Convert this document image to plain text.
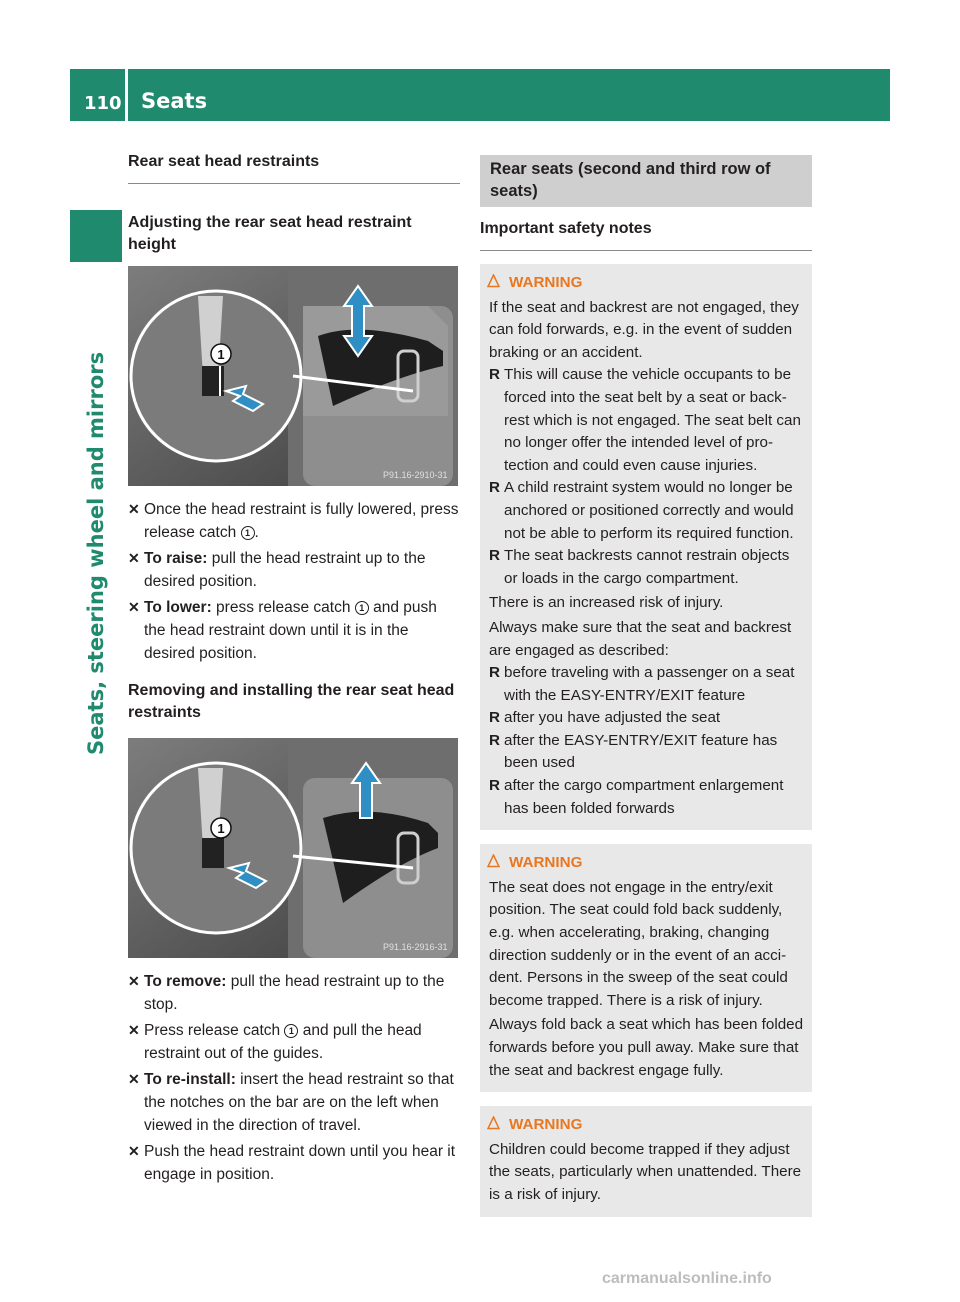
110 Seats
Seats, steering wheel and mirrors
Rear seat head restraints
Adjusting the rear seat head restraint height
1
P91.16-2910-31
✕ Once the head restraint is fully lowered, press release catch 1 .
✕ To raise: pull the head restraint up to the desired position.
✕ To lower: press release catch 1 and push the head restraint down until it is in the desired position.
Removing and installing the rear seat head restraints
1
P91.16-2916-31
✕ To remove: pull the head restraint up to the stop.
✕ Press release catch 1 and pull the head restraint out of the guides.
✕ To re-install: insert the head restraint so that the notches on the bar are on the left when viewed in the direction of travel.
✕ Push the head restraint down until you hear it engage in position.
Rear seats (second and third row of seats)
Important safety notes
WARNING

If the seat and backrest are not engaged, they can fold forwards, e.g. in the event of sudden braking or an accident.

R This will cause the vehicle occupants to be forced into the seat belt by a seat or back- rest which is not engaged. The seat belt can no longer offer the intended level of pro- tection and could even cause injuries.
R A child restraint system would no longer be anchored or positioned correctly and would not be able to perform its required function.
R The seat backrests cannot restrain objects or loads in the cargo compartment.

There is an increased risk of injury.

Always make sure that the seat and backrest are engaged as described:

R before traveling with a passenger on a seat with the EASY-ENTRY/EXIT feature
R after you have adjusted the seat
R after the EASY-ENTRY/EXIT feature has been used
R after the cargo compartment enlargement has been folded forwards
WARNING

The seat does not engage in the entry/exit position. The seat could fold back suddenly, e.g. when accelerating, braking, changing direction suddenly or in the event of an acci- dent. Persons in the sweep of the seat could become trapped. There is a risk of injury.

Always fold back a seat which has been folded forwards before you pull away. Make sure that the seat and backrest engage fully.

WARNING

Children could become trapped if they adjust the seats, particularly when unattended. There is a risk of injury.

carmanualsonline.info
